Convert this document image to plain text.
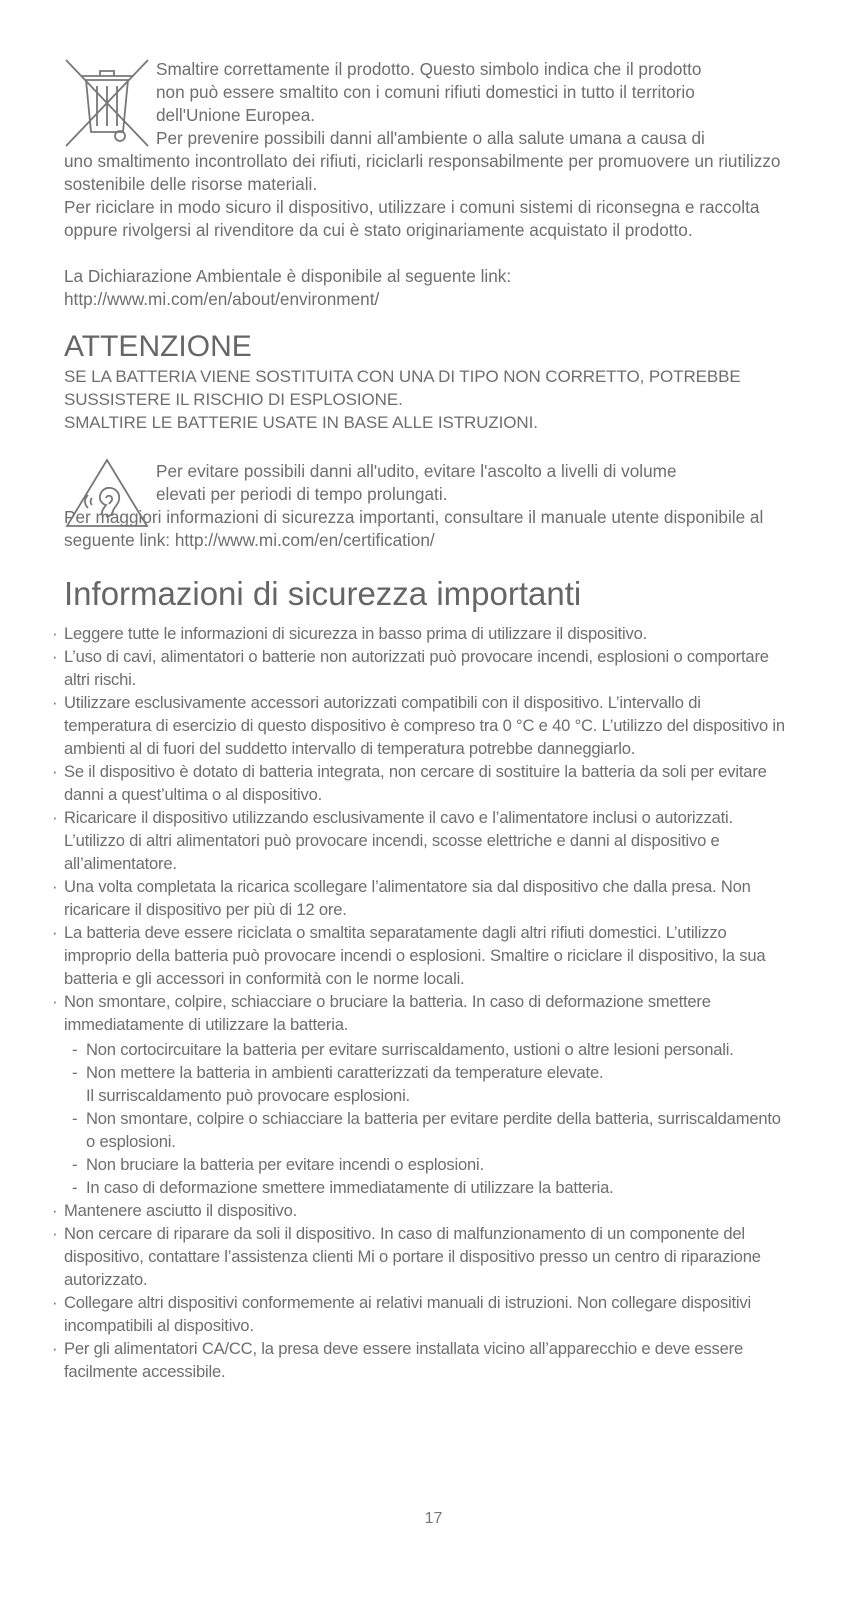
Smaltire correttamente il prodotto. Questo simbolo indica che il prodotto

non può essere smaltito con i comuni rifiuti domestici in tutto il territorio

dell'Unione Europea.

Per prevenire possibili danni all'ambiente o alla salute umana a causa di

uno smaltimento incontrollato dei rifiuti, riciclarli responsabilmente per promuovere un riutilizzo sostenibile delle risorse materiali.

Per riciclare in modo sicuro il dispositivo, utilizzare i comuni sistemi di riconsegna e raccolta oppure rivolgersi al rivenditore da cui è stato originariamente acquistato il prodotto.

La Dichiarazione Ambientale è disponibile al seguente link:

http://www.mi.com/en/about/environment/

ATTENZIONE

SE LA BATTERIA VIENE SOSTITUITA CON UNA DI TIPO NON CORRETTO, POTREBBE SUSSISTERE IL RISCHIO DI ESPLOSIONE.

SMALTIRE LE BATTERIE USATE IN BASE ALLE ISTRUZIONI.

Per evitare possibili danni all'udito, evitare l'ascolto a livelli di volume

elevati per periodi di tempo prolungati.

Per maggiori informazioni di sicurezza importanti, consultare il manuale utente disponibile al seguente link: http://www.mi.com/en/certification/

Informazioni di sicurezza importanti
· Leggere tutte le informazioni di sicurezza in basso prima di utilizzare il dispositivo.
· L’uso di cavi, alimentatori o batterie non autorizzati può provocare incendi, esplosioni o comportare altri rischi.
· Utilizzare esclusivamente accessori autorizzati compatibili con il dispositivo. L’intervallo di temperatura di esercizio di questo dispositivo è compreso tra 0 °C e 40 °C. L’utilizzo del dispositivo in ambienti al di fuori del suddetto intervallo di temperatura potrebbe danneggiarlo.
· Se il dispositivo è dotato di batteria integrata, non cercare di sostituire la batteria da soli per evitare danni a quest’ultima o al dispositivo.
· Ricaricare il dispositivo utilizzando esclusivamente il cavo e l’alimentatore inclusi o autorizzati. L’utilizzo di altri alimentatori può provocare incendi, scosse elettriche e danni al dispositivo e all’alimentatore.
· Una volta completata la ricarica scollegare l’alimentatore sia dal dispositivo che dalla presa. Non ricaricare il dispositivo per più di 12 ore.
· La batteria deve essere riciclata o smaltita separatamente dagli altri rifiuti domestici. L’utilizzo improprio della batteria può provocare incendi o esplosioni. Smaltire o riciclare il dispositivo, la sua batteria e gli accessori in conformità con le norme locali.
· Non smontare, colpire, schiacciare o bruciare la batteria. In caso di deformazione smettere immediatamente di utilizzare la batteria.
- Non cortocircuitare la batteria per evitare surriscaldamento, ustioni o altre lesioni personali.
- Non mettere la batteria in ambienti caratterizzati da temperature elevate.
Il surriscaldamento può provocare esplosioni.
- Non smontare, colpire o schiacciare la batteria per evitare perdite della batteria, surriscaldamento o esplosioni.
- Non bruciare la batteria per evitare incendi o esplosioni.
- In caso di deformazione smettere immediatamente di utilizzare la batteria.
· Mantenere asciutto il dispositivo.
· Non cercare di riparare da soli il dispositivo. In caso di malfunzionamento di un componente del dispositivo, contattare l’assistenza clienti Mi o portare il dispositivo presso un centro di riparazione autorizzato.
· Collegare altri dispositivi conformemente ai relativi manuali di istruzioni. Non collegare dispositivi incompatibili al dispositivo.
· Per gli alimentatori CA/CC, la presa deve essere installata vicino all’apparecchio e deve essere facilmente accessibile.
17
